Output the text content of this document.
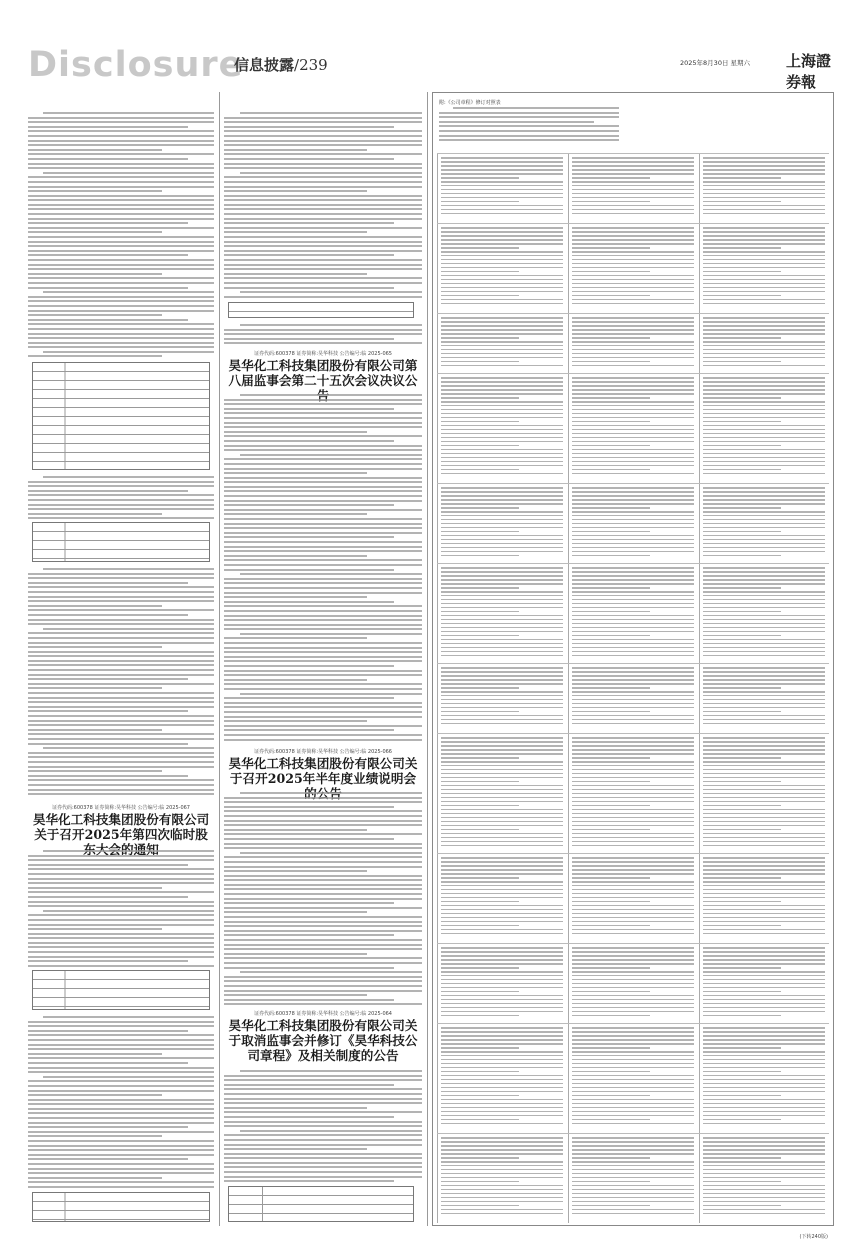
Disclosure
信息披露/239	2025年8月30日 星期六 上海證券報
证券代码:600378 证券简称:昊华科技 公告编号:临 2025-067
昊华化工科技集团股份有限公司关于召开2025年第四次临时股
证券代码:600378 证券简称:昊华科技 公告编号:临 2025-065
昊华化工科技集团股份有限公司第八届监事会第二十五次会议决议公
证券代码:600378 证券简称:昊华科技 公告编号:临 2025-066
昊华化工科技集团股份有限公司关于召开2025年半年度业绩说明会
证券代码:600378 证券简称:昊华科技 公告编号:临 2025-064
昊华化工科技集团股份有限公司关于取消监事会并修订《昊华科技公司章程》及相关制度的公告
附:《公司章程》修订对照表
(下转240版)
